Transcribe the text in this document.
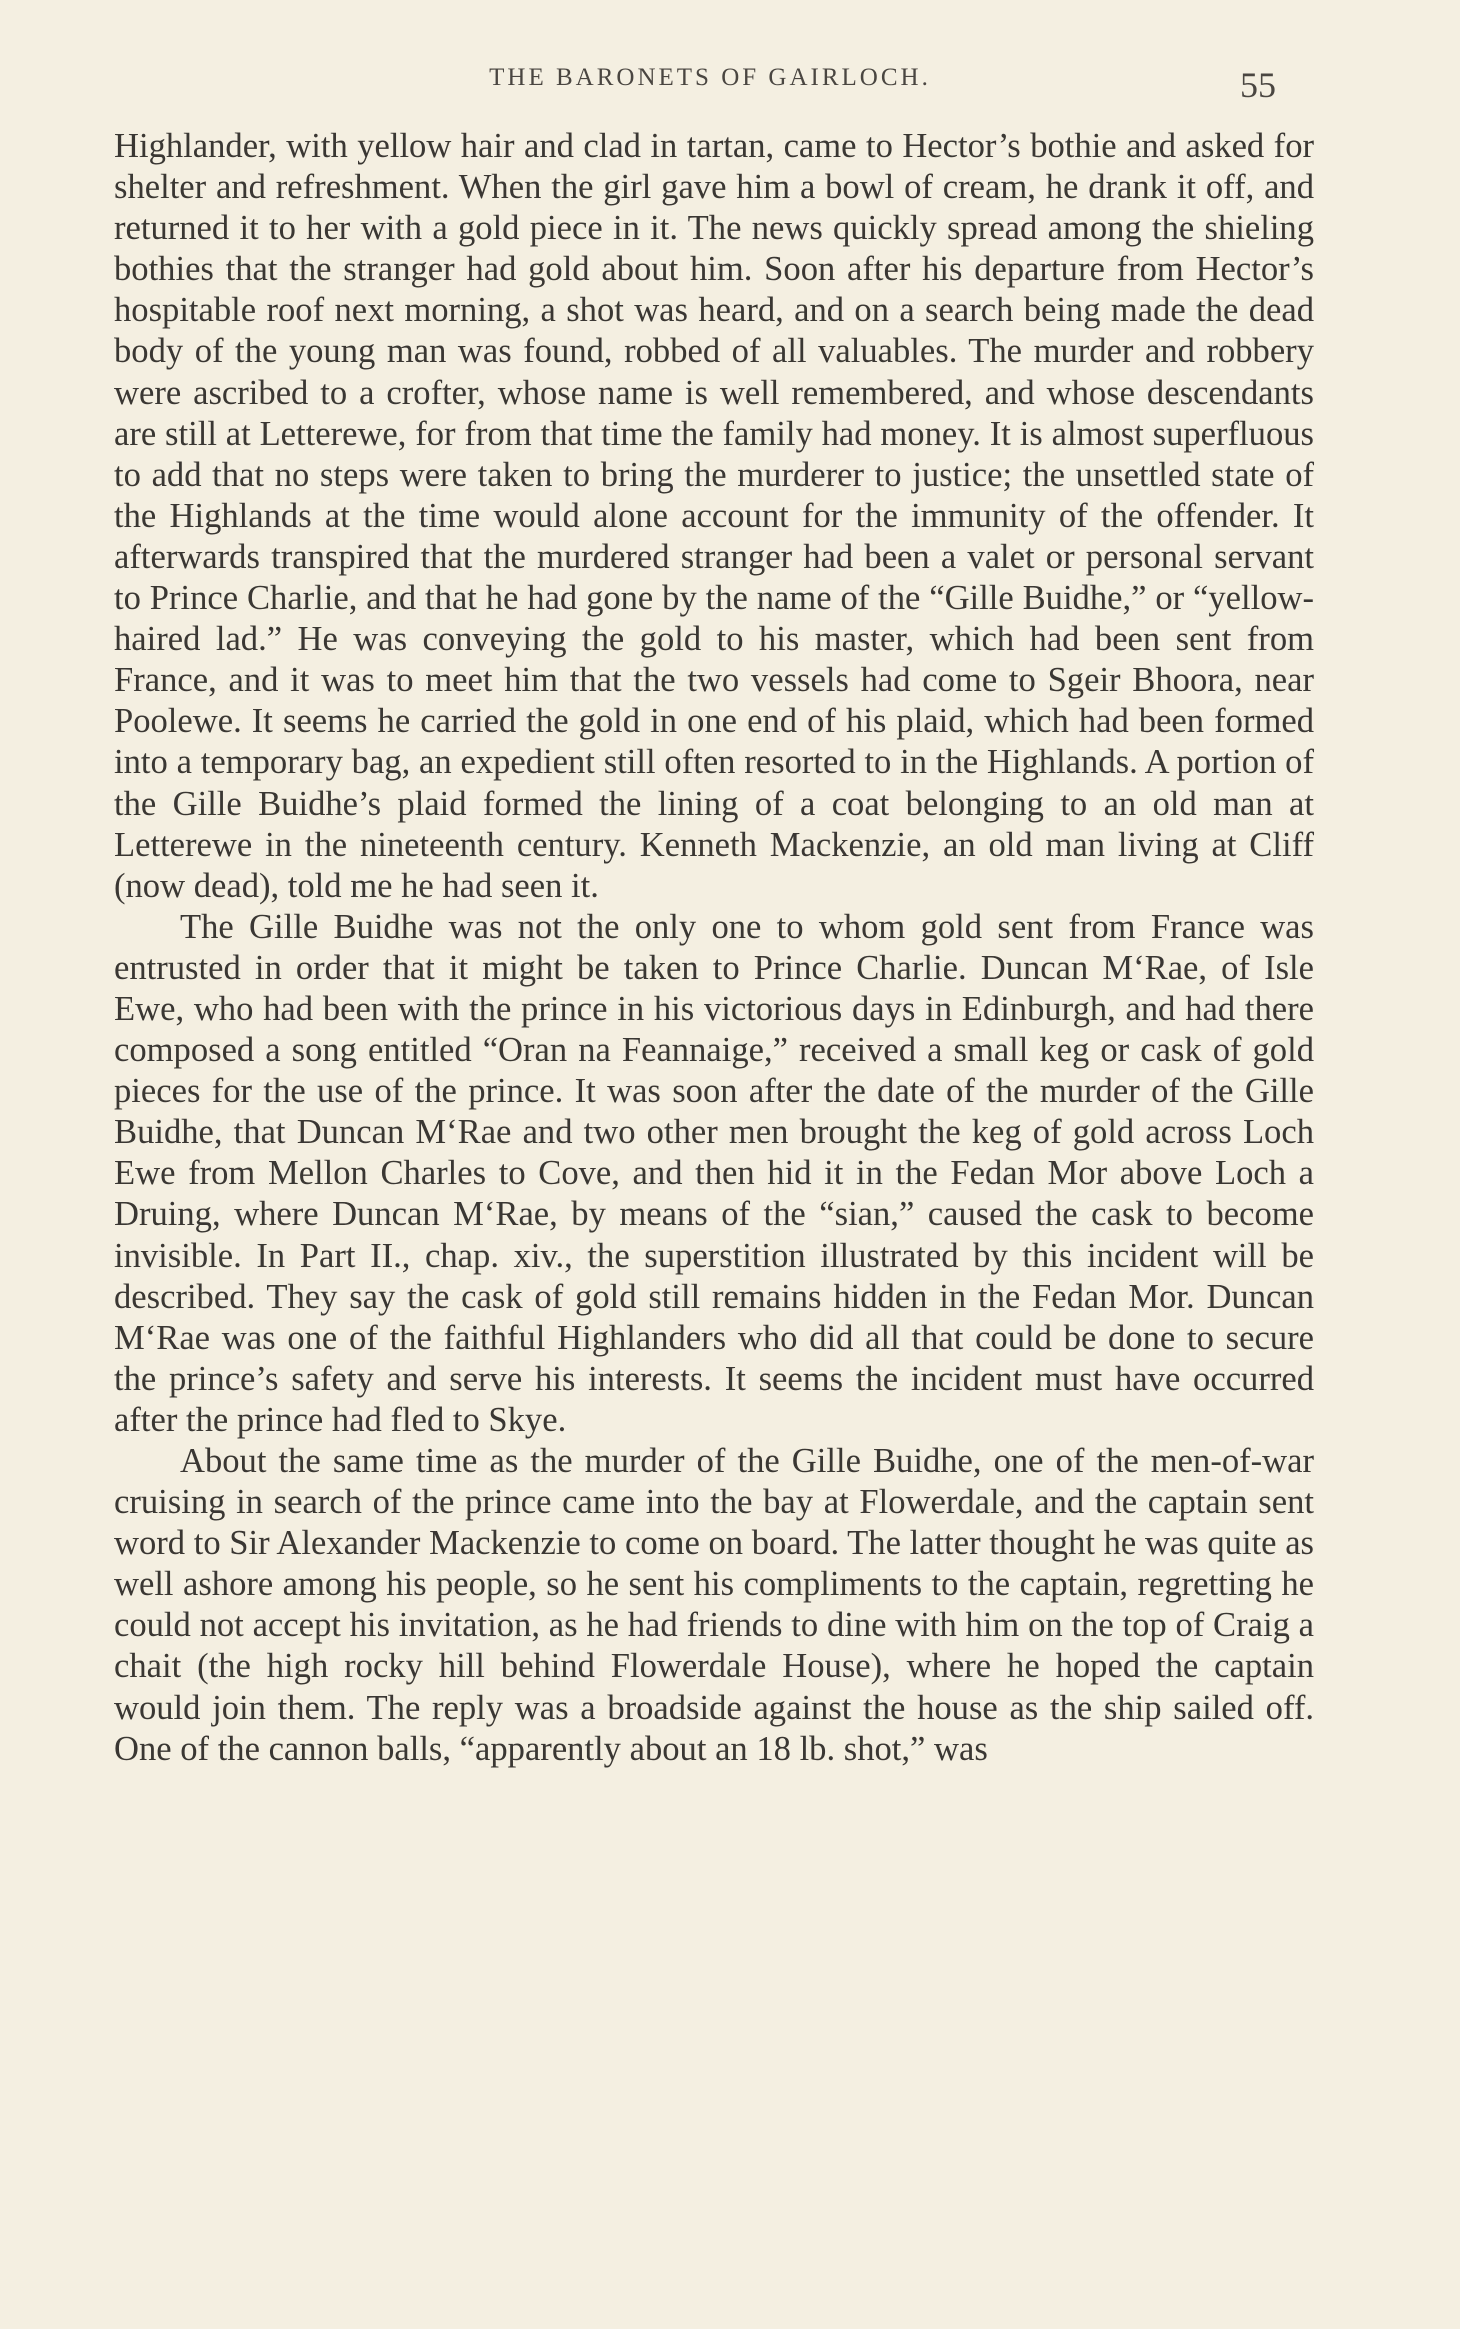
THE BARONETS OF GAIRLOCH.	55

Highlander, with yellow hair and clad in tartan, came to Hector’s bothie and asked for shelter and refreshment. When the girl gave him a bowl of cream, he drank it off, and returned it to her with a gold piece in it. The news quickly spread among the shieling bothies that the stranger had gold about him. Soon after his departure from Hector’s hospitable roof next morning, a shot was heard, and on a search being made the dead body of the young man was found, robbed of all valuables. The murder and robbery were ascribed to a crofter, whose name is well remembered, and whose descendants are still at Letterewe, for from that time the family had money. It is almost superfluous to add that no steps were taken to bring the murderer to justice; the unsettled state of the Highlands at the time would alone account for the immunity of the offender. It afterwards transpired that the murdered stranger had been a valet or personal servant to Prince Charlie, and that he had gone by the name of the “Gille Buidhe,” or “yellow-haired lad.” He was conveying the gold to his master, which had been sent from France, and it was to meet him that the two vessels had come to Sgeir Bhoora, near Poolewe. It seems he carried the gold in one end of his plaid, which had been formed into a temporary bag, an expedient still often resorted to in the Highlands. A portion of the Gille Buidhe’s plaid formed the lining of a coat belonging to an old man at Letterewe in the nineteenth century. Kenneth Mackenzie, an old man living at Cliff (now dead), told me he had seen it.

The Gille Buidhe was not the only one to whom gold sent from France was entrusted in order that it might be taken to Prince Charlie. Duncan M‘Rae, of Isle Ewe, who had been with the prince in his victorious days in Edinburgh, and had there composed a song entitled “Oran na Feannaige,” received a small keg or cask of gold pieces for the use of the prince. It was soon after the date of the murder of the Gille Buidhe, that Duncan M‘Rae and two other men brought the keg of gold across Loch Ewe from Mellon Charles to Cove, and then hid it in the Fedan Mor above Loch a Druing, where Duncan M‘Rae, by means of the “sian,” caused the cask to become invisible. In Part II., chap. xiv., the superstition illustrated by this incident will be described. They say the cask of gold still remains hidden in the Fedan Mor. Duncan M‘Rae was one of the faithful Highlanders who did all that could be done to secure the prince’s safety and serve his interests. It seems the incident must have occurred after the prince had fled to Skye.

About the same time as the murder of the Gille Buidhe, one of the men-of-war cruising in search of the prince came into the bay at Flowerdale, and the captain sent word to Sir Alexander Mackenzie to come on board. The latter thought he was quite as well ashore among his people, so he sent his compliments to the captain, regretting he could not accept his invitation, as he had friends to dine with him on the top of Craig a chait (the high rocky hill behind Flowerdale House), where he hoped the captain would join them. The reply was a broadside against the house as the ship sailed off. One of the cannon balls, “apparently about an 18 lb. shot,” was
